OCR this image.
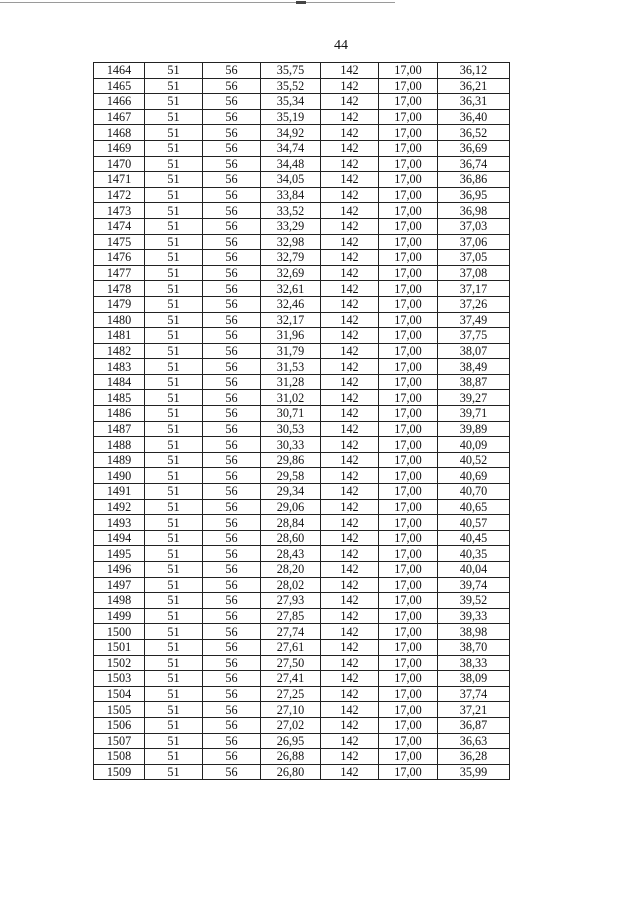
44
1464	51	56	35,75	142	17,00	36,12
1465	51	56	35,52	142	17,00	36,21
1466	51	56	35,34	142	17,00	36,31
1467	51	56	35,19	142	17,00	36,40
1468	51	56	34,92	142	17,00	36,52
1469	51	56	34,74	142	17,00	36,69
1470	51	56	34,48	142	17,00	36,74
1471	51	56	34,05	142	17,00	36,86
1472	51	56	33,84	142	17,00	36,95
1473	51	56	33,52	142	17,00	36,98
1474	51	56	33,29	142	17,00	37,03
1475	51	56	32,98	142	17,00	37,06
1476	51	56	32,79	142	17,00	37,05
1477	51	56	32,69	142	17,00	37,08
1478	51	56	32,61	142	17,00	37,17
1479	51	56	32,46	142	17,00	37,26
1480	51	56	32,17	142	17,00	37,49
1481	51	56	31,96	142	17,00	37,75
1482	51	56	31,79	142	17,00	38,07
1483	51	56	31,53	142	17,00	38,49
1484	51	56	31,28	142	17,00	38,87
1485	51	56	31,02	142	17,00	39,27
1486	51	56	30,71	142	17,00	39,71
1487	51	56	30,53	142	17,00	39,89
1488	51	56	30,33	142	17,00	40,09
1489	51	56	29,86	142	17,00	40,52
1490	51	56	29,58	142	17,00	40,69
1491	51	56	29,34	142	17,00	40,70
1492	51	56	29,06	142	17,00	40,65
1493	51	56	28,84	142	17,00	40,57
1494	51	56	28,60	142	17,00	40,45
1495	51	56	28,43	142	17,00	40,35
1496	51	56	28,20	142	17,00	40,04
1497	51	56	28,02	142	17,00	39,74
1498	51	56	27,93	142	17,00	39,52
1499	51	56	27,85	142	17,00	39,33
1500	51	56	27,74	142	17,00	38,98
1501	51	56	27,61	142	17,00	38,70
1502	51	56	27,50	142	17,00	38,33
1503	51	56	27,41	142	17,00	38,09
1504	51	56	27,25	142	17,00	37,74
1505	51	56	27,10	142	17,00	37,21
1506	51	56	27,02	142	17,00	36,87
1507	51	56	26,95	142	17,00	36,63
1508	51	56	26,88	142	17,00	36,28
1509	51	56	26,80	142	17,00	35,99
